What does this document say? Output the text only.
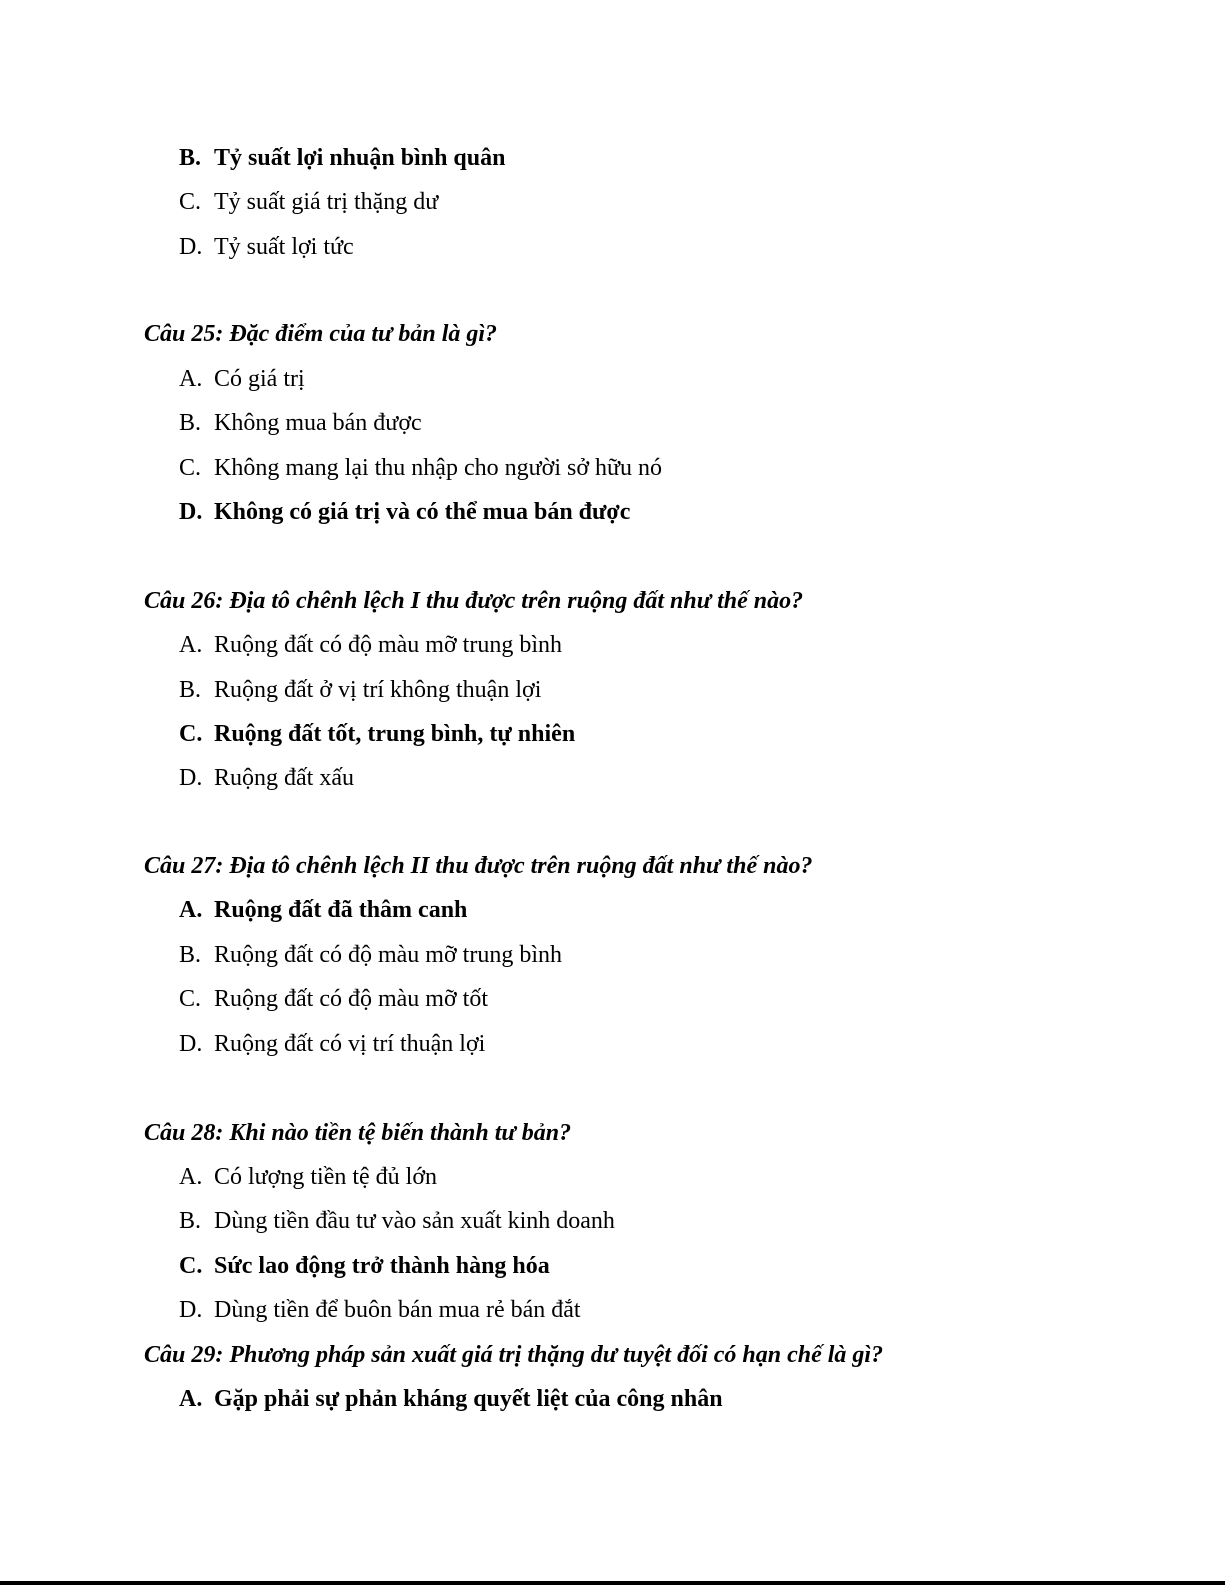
B. Tỷ suất lợi nhuận bình quân
C. Tỷ suất giá trị thặng dư
D. Tỷ suất lợi tức
Câu 25: Đặc điểm của tư bản là gì?
A. Có giá trị
B. Không mua bán được
C. Không mang lại thu nhập cho người sở hữu nó
D. Không có giá trị và có thể mua bán được
Câu 26: Địa tô chênh lệch I thu được trên ruộng đất như thế nào?
A. Ruộng đất có độ màu mỡ trung bình
B. Ruộng đất ở vị trí không thuận lợi
C. Ruộng đất tốt, trung bình, tự nhiên
D. Ruộng đất xấu
Câu 27: Địa tô chênh lệch II thu được trên ruộng đất như thế nào?
A. Ruộng đất đã thâm canh
B. Ruộng đất có độ màu mỡ trung bình
C. Ruộng đất có độ màu mỡ tốt
D. Ruộng đất có vị trí thuận lợi
Câu 28: Khi nào tiền tệ biến thành tư bản?
A. Có lượng tiền tệ đủ lớn
B. Dùng tiền đầu tư vào sản xuất kinh doanh
C. Sức lao động trở thành hàng hóa
D. Dùng tiền để buôn bán mua rẻ bán đắt
Câu 29: Phương pháp sản xuất giá trị thặng dư tuyệt đối có hạn chế là gì?
A. Gặp phải sự phản kháng quyết liệt của công nhân
